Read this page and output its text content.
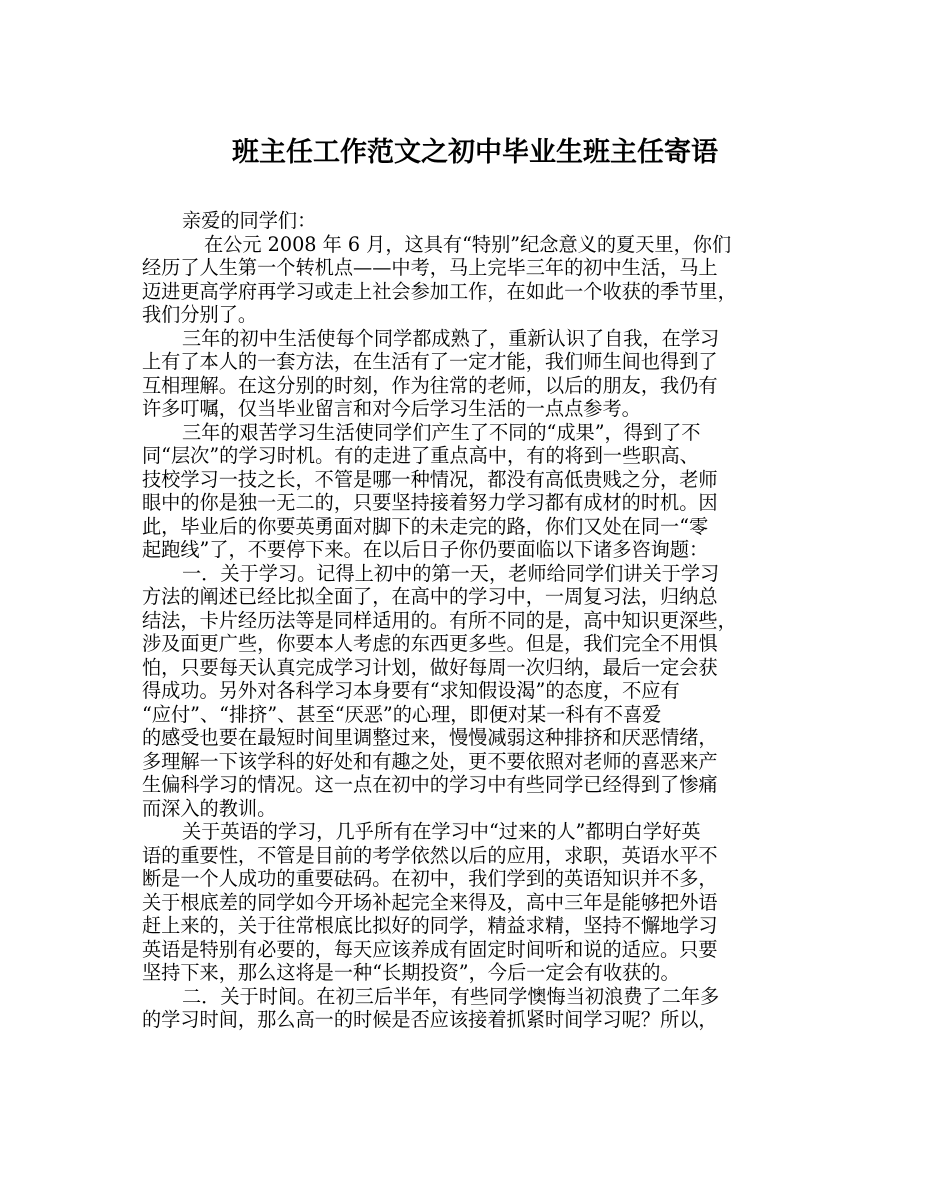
班主任工作范文之初中毕业生班主任寄语
亲爱的同学们：
在公元 2008 年 6 月，这具有“特别”纪念意义的夏天里，你们
经历了人生第一个转机点——中考，马上完毕三年的初中生活，马上
迈进更高学府再学习或走上社会参加工作，在如此一个收获的季节里，
我们分别了。
三年的初中生活使每个同学都成熟了，重新认识了自我，在学习
上有了本人的一套方法，在生活有了一定才能，我们师生间也得到了
互相理解。在这分别的时刻，作为往常的老师，以后的朋友，我仍有
许多叮嘱，仅当毕业留言和对今后学习生活的一点点参考。
三年的艰苦学习生活使同学们产生了不同的“成果”，得到了不
同“层次”的学习时机。有的走进了重点高中，有的将到一些职高、
技校学习一技之长，不管是哪一种情况，都没有高低贵贱之分，老师
眼中的你是独一无二的，只要坚持接着努力学习都有成材的时机。因
此，毕业后的你要英勇面对脚下的未走完的路，你们又处在同一“零
起跑线”了，不要停下来。在以后日子你仍要面临以下诸多咨询题：
一．关于学习。记得上初中的第一天，老师给同学们讲关于学习
方法的阐述已经比拟全面了，在高中的学习中，一周复习法，归纳总
结法，卡片经历法等是同样适用的。有所不同的是，高中知识更深些，
涉及面更广些，你要本人考虑的东西更多些。但是，我们完全不用惧
怕，只要每天认真完成学习计划，做好每周一次归纳，最后一定会获
得成功。另外对各科学习本身要有“求知假设渴”的态度，不应有
“应付”、“排挤”、甚至“厌恶”的心理，即便对某一科有不喜爱
的感受也要在最短时间里调整过来，慢慢减弱这种排挤和厌恶情绪，
多理解一下该学科的好处和有趣之处，更不要依照对老师的喜恶来产
生偏科学习的情况。这一点在初中的学习中有些同学已经得到了惨痛
而深入的教训。
关于英语的学习，几乎所有在学习中“过来的人”都明白学好英
语的重要性，不管是目前的考学依然以后的应用，求职，英语水平不
断是一个人成功的重要砝码。在初中，我们学到的英语知识并不多，
关于根底差的同学如今开场补起完全来得及，高中三年是能够把外语
赶上来的，关于往常根底比拟好的同学，精益求精，坚持不懈地学习
英语是特别有必要的，每天应该养成有固定时间听和说的适应。只要
坚持下来，那么这将是一种“长期投资”，今后一定会有收获的。
二．关于时间。在初三后半年，有些同学懊悔当初浪费了二年多
的学习时间，那么高一的时候是否应该接着抓紧时间学习呢？所以，
